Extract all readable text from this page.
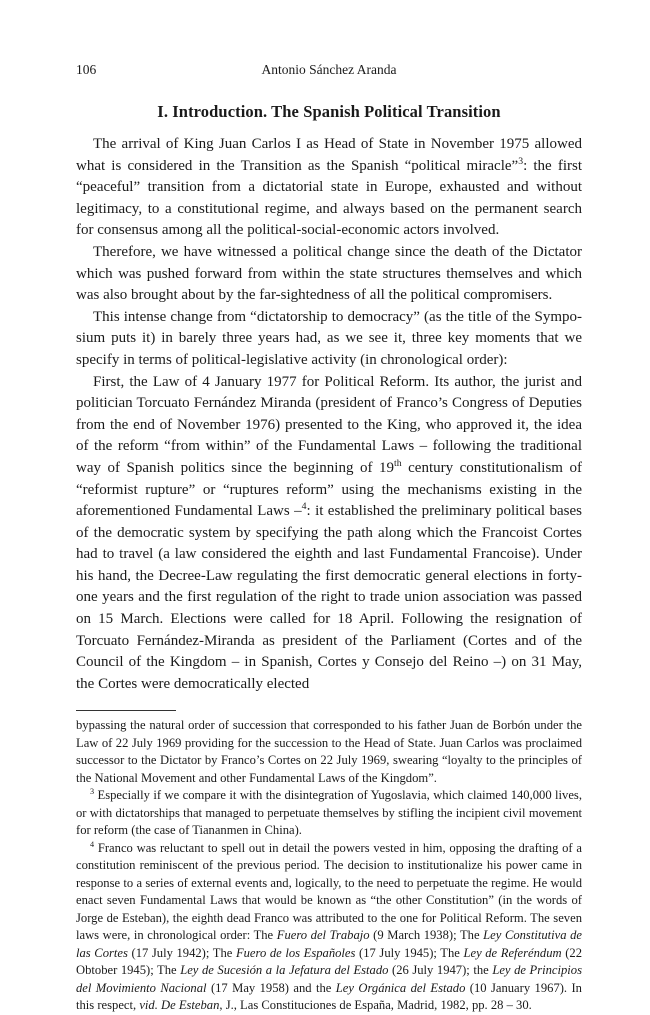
106	Antonio Sánchez Aranda
I. Introduction. The Spanish Political Transition

The arrival of King Juan Carlos I as Head of State in November 1975 allowed what is considered in the Transition as the Spanish “political miracle”$^3$: the first “peaceful” transition from a dictatorial state in Europe, exhausted and without legitimacy, to a constitutional regime, and always based on the permanent search for consensus among all the political-social-economic actors involved.

Therefore, we have witnessed a political change since the death of the Dictator which was pushed forward from within the state structures themselves and which was also brought about by the far-sightedness of all the political compromisers.

This intense change from “dictatorship to democracy” (as the title of the Symposium puts it) in barely three years had, as we see it, three key moments that we specify in terms of political-legislative activity (in chronological order):

First, the Law of 4 January 1977 for Political Reform. Its author, the jurist and politician Torcuato Fernández Miranda (president of Franco’s Congress of Deputies from the end of November 1976) presented to the King, who approved it, the idea of the reform “from within” of the Fundamental Laws – following the traditional way of Spanish politics since the beginning of 19th century constitutionalism of “reformist rupture” or “ruptures reform” using the mechanisms existing in the aforementioned Fundamental Laws –$^4$: it established the preliminary political bases of the democratic system by specifying the path along which the Francoist Cortes had to travel (a law considered the eighth and last Fundamental Francoise). Under his hand, the Decree-Law regulating the first democratic general elections in forty-one years and the first regulation of the right to trade union association was passed on 15 March. Elections were called for 18 April. Following the resignation of Torcuato Fernández-Miranda as president of the Parliament (Cortes and of the Council of the Kingdom – in Spanish, Cortes y Consejo del Reino –) on 31 May, the Cortes were democratically elected

bypassing the natural order of succession that corresponded to his father Juan de Borbón under the Law of 22 July 1969 providing for the succession to the Head of State. Juan Carlos was proclaimed successor to the Dictator by Franco’s Cortes on 22 July 1969, swearing “loyalty to the principles of the National Movement and other Fundamental Laws of the Kingdom”.

$^3$ Especially if we compare it with the disintegration of Yugoslavia, which claimed 140,000 lives, or with dictatorships that managed to perpetuate themselves by stifling the incipient civil movement for reform (the case of Tiananmen in China).

$^4$ Franco was reluctant to spell out in detail the powers vested in him, opposing the drafting of a constitution reminiscent of the previous period. The decision to institutionalize his power came in response to a series of external events and, logically, to the need to perpetuate the regime. He would enact seven Fundamental Laws that would be known as “the other Constitution” (in the words of Jorge de Esteban), the eighth dead Franco was attributed to the one for Political Reform. The seven laws were, in chronological order: The Fuero del Trabajo (9 March 1938); The Ley Constitutiva de las Cortes (17 July 1942); The Fuero de los Españoles (17 July 1945); The Ley de Referéndum (22 Obtober 1945); The Ley de Sucesión a la Jefatura del Estado (26 July 1947); the Ley de Principios del Movimiento Nacional (17 May 1958) and the Ley Orgánica del Estado (10 January 1967). In this respect, vid. De Esteban, J., Las Constituciones de España, Madrid, 1982, pp. 28 – 30.
